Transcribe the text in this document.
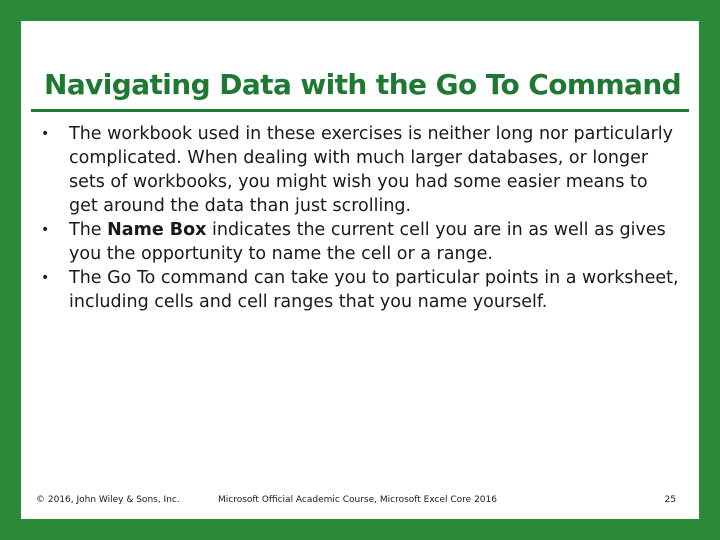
Navigating Data with the Go To Command
•	The workbook used in these exercises is neither long nor particularly complicated. When dealing with much larger databases, or longer sets of workbooks, you might wish you had some easier means to get around the data than just scrolling.
•	The Name Box indicates the current cell you are in as well as gives you the opportunity to name the cell or a range.
•	The Go To command can take you to particular points in a worksheet, including cells and cell ranges that you name yourself.
© 2016, John Wiley & Sons, Inc.	Microsoft Official Academic Course, Microsoft Excel Core 2016	25
